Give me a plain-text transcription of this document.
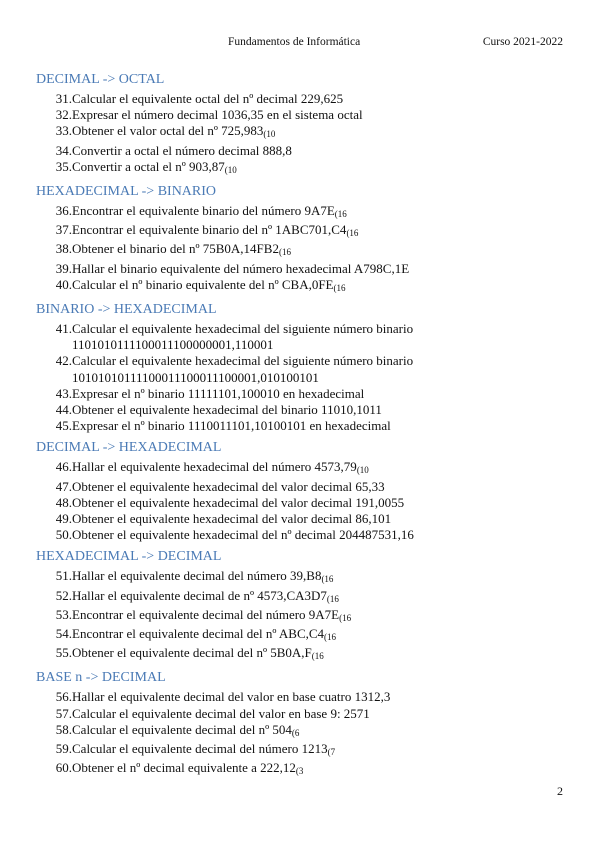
Fundamentos de Informática	Curso 2021-2022
DECIMAL -> OCTAL
31. Calcular el equivalente octal del nº decimal 229,625
32. Expresar el número decimal 1036,35 en el sistema octal
33. Obtener el valor octal del nº 725,983(10
34. Convertir a octal el número decimal 888,8
35. Convertir a octal el nº 903,87(10
HEXADECIMAL -> BINARIO
36. Encontrar el equivalente binario del número 9A7E(16
37. Encontrar el equivalente binario del nº 1ABC701,C4(16
38. Obtener el binario del nº 75B0A,14FB2(16
39. Hallar el binario equivalente del número hexadecimal A798C,1E
40. Calcular el nº binario equivalente del nº CBA,0FE(16
BINARIO -> HEXADECIMAL
41. Calcular el equivalente hexadecimal del siguiente número binario
1101010111100011100000001,110001
42. Calcular el equivalente hexadecimal del siguiente número binario
10101010111100011100011100001,010100101
43. Expresar el nº binario 11111101,100010 en hexadecimal
44. Obtener el equivalente hexadecimal del binario 11010,1011
45. Expresar el nº binario 1110011101,10100101 en hexadecimal
DECIMAL -> HEXADECIMAL
46. Hallar el equivalente hexadecimal del número 4573,79(10
47. Obtener el equivalente hexadecimal del valor decimal 65,33
48. Obtener el equivalente hexadecimal del valor decimal 191,0055
49. Obtener el equivalente hexadecimal del valor decimal 86,101
50. Obtener el equivalente hexadecimal del nº decimal 204487531,16
HEXADECIMAL -> DECIMAL
51. Hallar el equivalente decimal del número 39,B8(16
52. Hallar el equivalente decimal de nº 4573,CA3D7(16
53. Encontrar el equivalente decimal del número 9A7E(16
54. Encontrar el equivalente decimal del nº ABC,C4(16
55. Obtener el equivalente decimal del nº 5B0A,F(16
BASE n -> DECIMAL
56. Hallar el equivalente decimal del valor en base cuatro 1312,3
57. Calcular el equivalente decimal del valor en base 9: 2571
58. Calcular el equivalente decimal del nº 504(6
59. Calcular el equivalente decimal del número 1213(7
60. Obtener el nº decimal equivalente a 222,12(3
2
